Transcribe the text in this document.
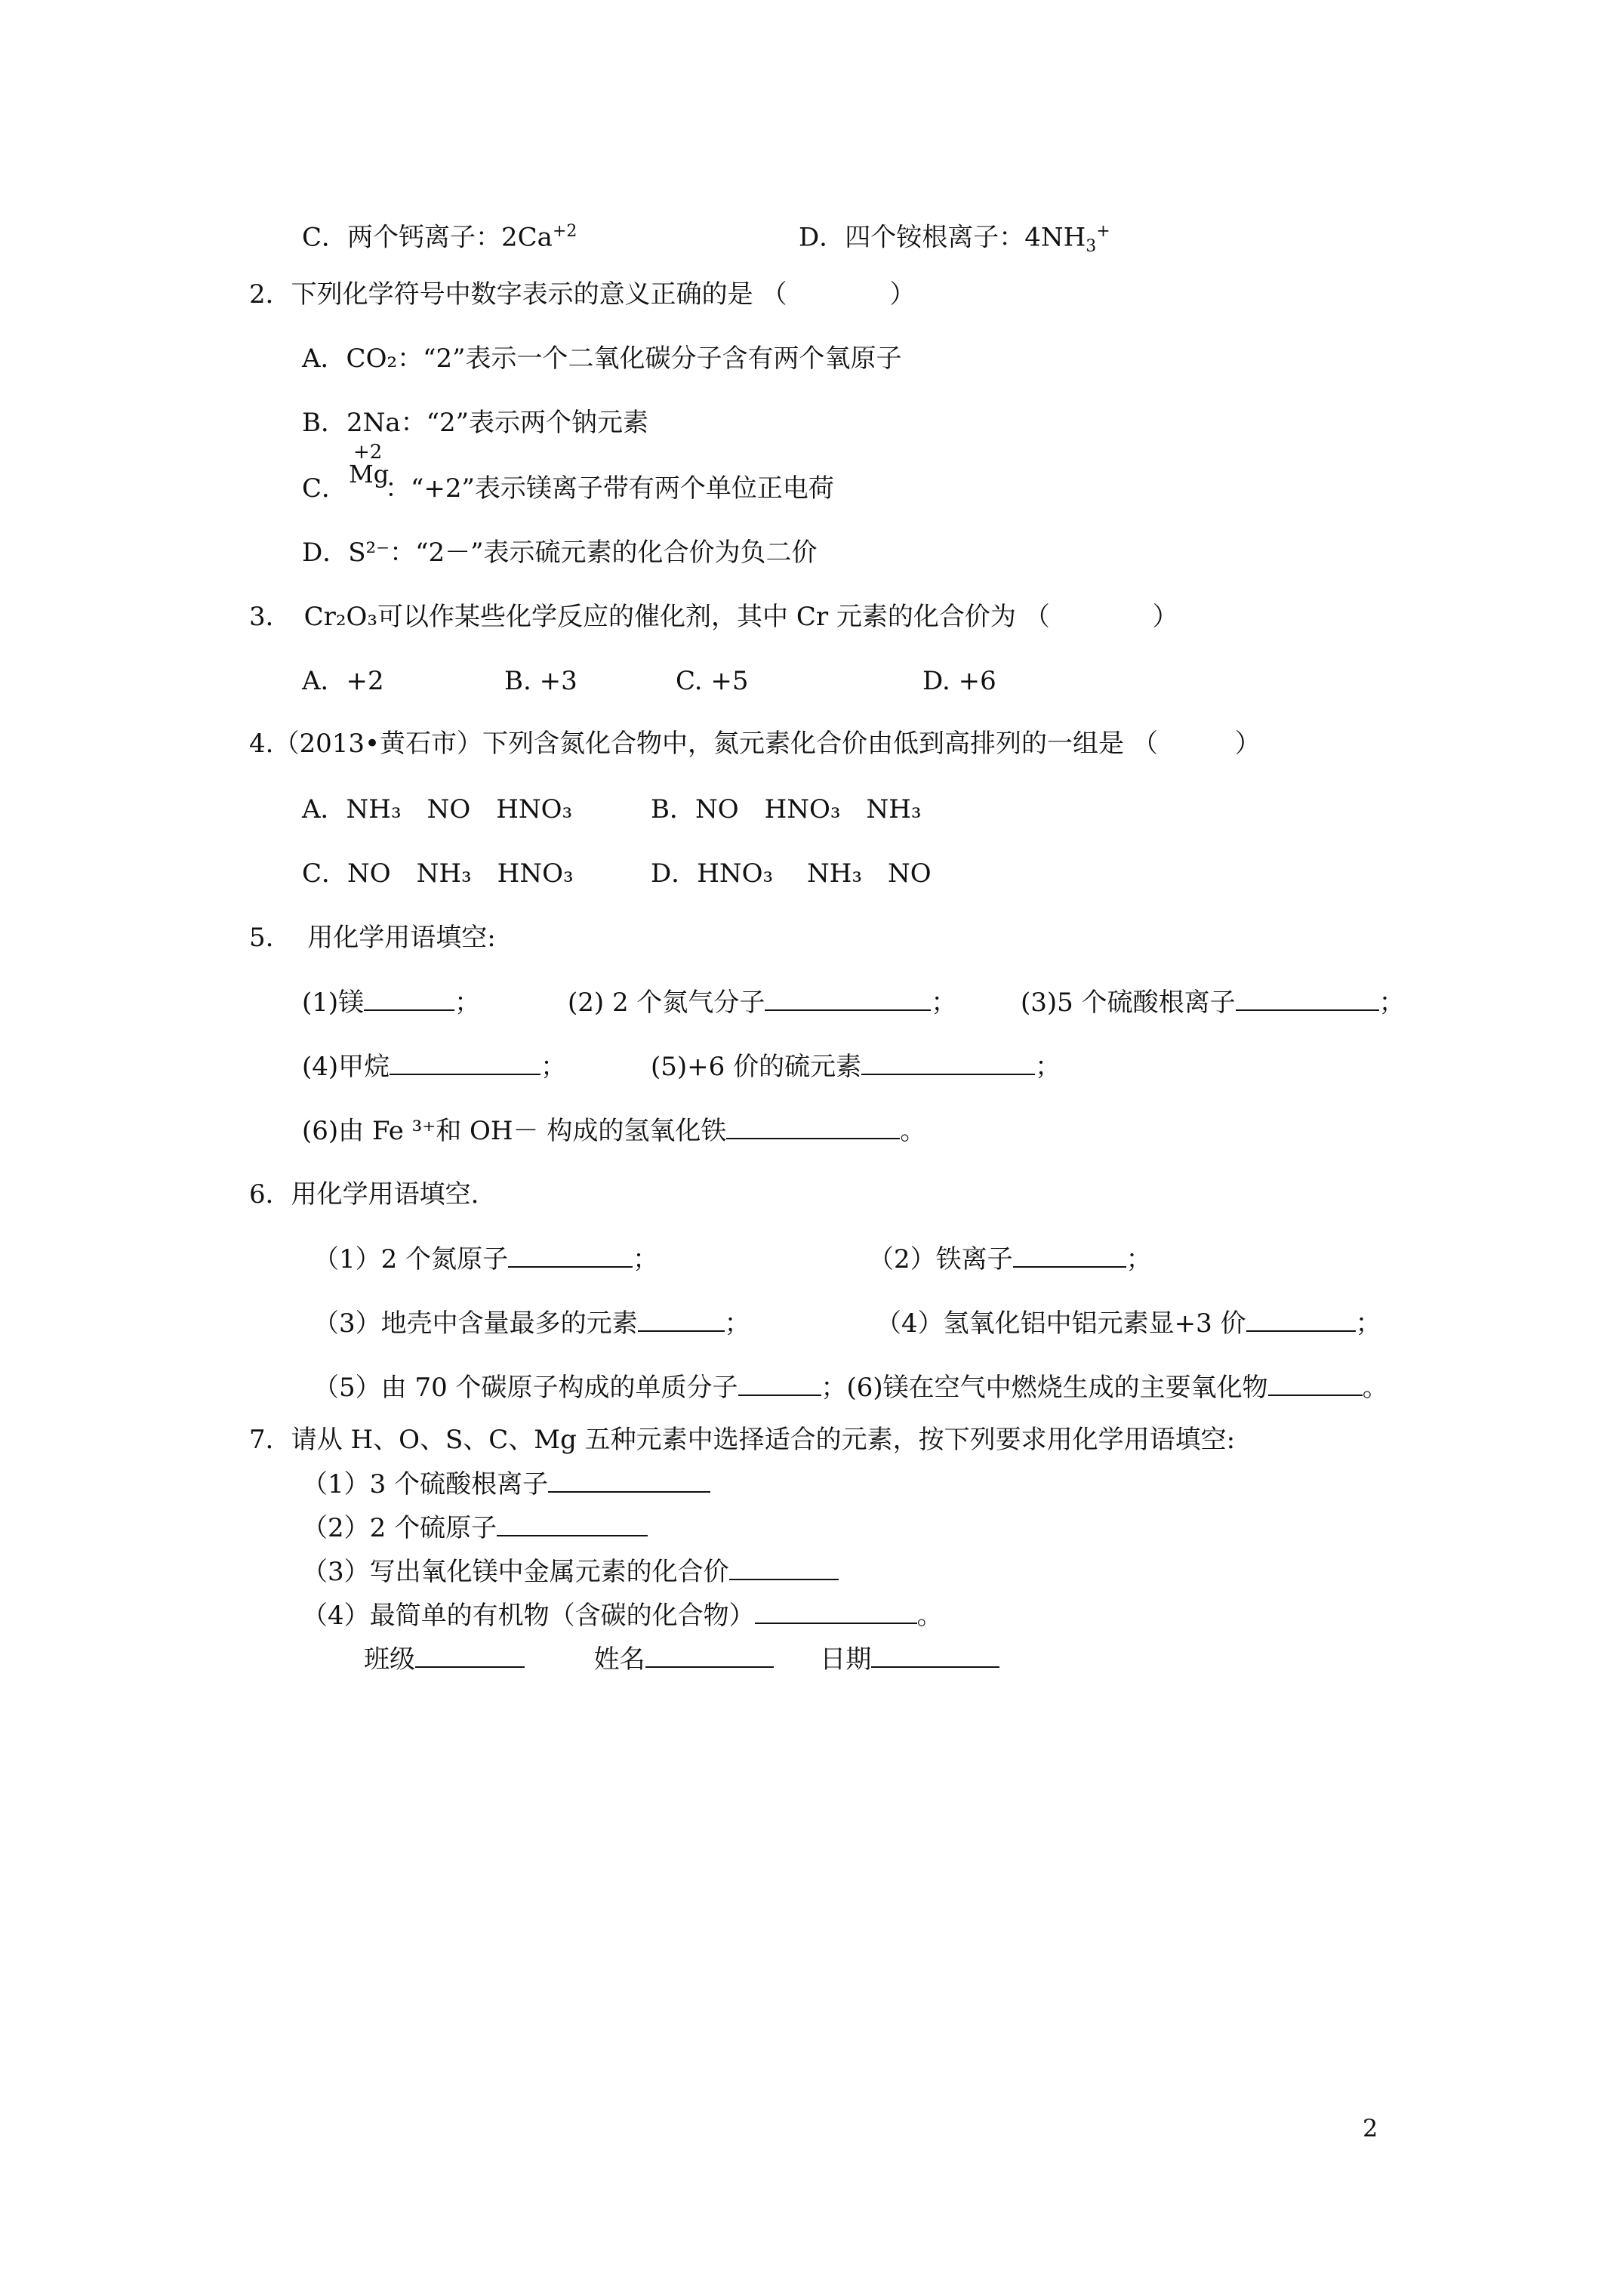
C．两个钙离子：$2Ca^{+2}$	D．四个铵根离子：$4NH_3^+$
2．下列化学符号中数字表示的意义正确的是 （　　　　）
A．CO₂：“2”表示一个二氧化碳分子含有两个氧原子
B．2Na：“2”表示两个钠元素
C．
+2
Mg
：“+2”表示镁离子带有两个单位正电荷
D．S²⁻：“2－”表示硫元素的化合价为负二价
3．　Cr₂O₃可以作某些化学反应的催化剂，其中 Cr 元素的化合价为 （　　　　）
A．+2	B. +3	C. +5	D. +6
4.（2013•黄石市）下列含氮化合物中，氮元素化合价由低到高排列的一组是 （　　　）
A．NH₃　NO　HNO₃	B．NO　HNO₃　NH₃
C．NO　NH₃　HNO₃	D．HNO₃　 NH₃　NO
5.　 用化学用语填空:
(1)镁	；	(2) 2 个氮气分子	； (3)5 个硫酸根离子	；
(4)甲烷	；	(5)+6 价的硫元素	；
(6)由 Fe ³⁺和 OH－ 构成的氢氧化铁	。
6．用化学用语填空.
（1）2 个氮原子	；	（2）铁离子	；
（3）地壳中含量最多的元素	；	（4）氢氧化铝中铝元素显+3 价	；
（5）由 70 个碳原子构成的单质分子	；(6)镁在空气中燃烧生成的主要氧化物	。
7．请从 H、O、S、C、Mg 五种元素中选择适合的元素，按下列要求用化学用语填空:
（1）3 个硫酸根离子
（2）2 个硫原子
（3）写出氧化镁中金属元素的化合价
（4）最简单的有机物（含碳的化合物）	。
班级	姓名	日期
2
